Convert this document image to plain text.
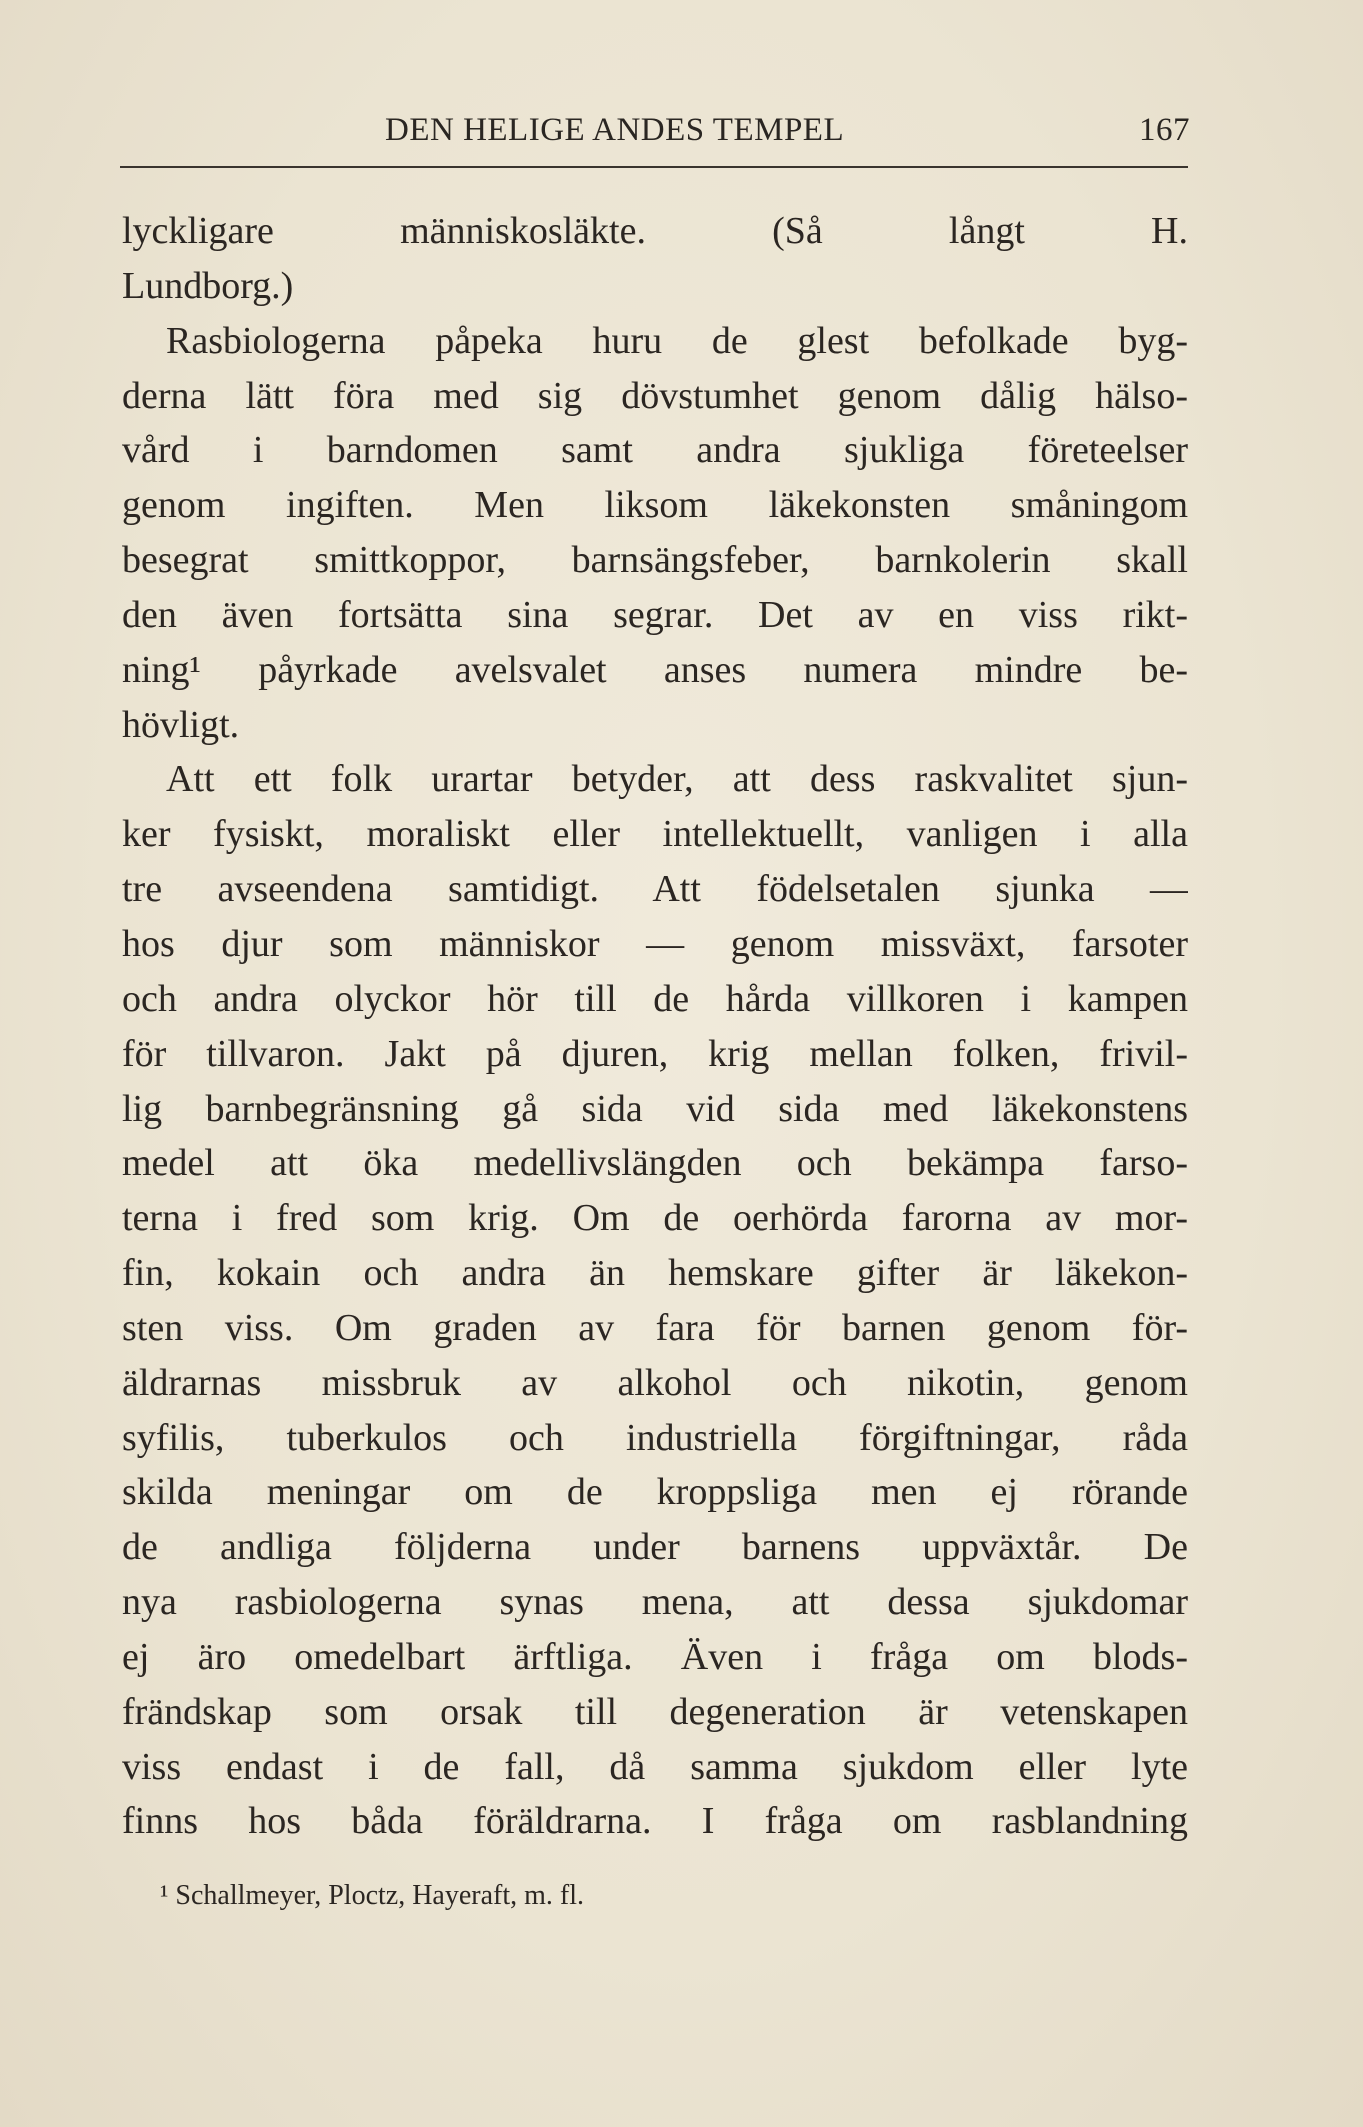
DEN HELIGE ANDES TEMPEL	167
lyckligare människosläkte. (Så långt H.
Lundborg.)
Rasbiologerna påpeka huru de glest befolkade byg-
derna lätt föra med sig dövstumhet genom dålig hälso-
vård i barndomen samt andra sjukliga företeelser
genom ingiften. Men liksom läkekonsten småningom
besegrat smittkoppor, barnsängsfeber, barnkolerin skall
den även fortsätta sina segrar. Det av en viss rikt-
ning¹ påyrkade avelsvalet anses numera mindre be-
hövligt.
Att ett folk urartar betyder, att dess raskvalitet sjun-
ker fysiskt, moraliskt eller intellektuellt, vanligen i alla
tre avseendena samtidigt. Att födelsetalen sjunka —
hos djur som människor — genom missväxt, farsoter
och andra olyckor hör till de hårda villkoren i kampen
för tillvaron. Jakt på djuren, krig mellan folken, frivil-
lig barnbegränsning gå sida vid sida med läkekonstens
medel att öka medellivslängden och bekämpa farso-
terna i fred som krig. Om de oerhörda farorna av mor-
fin, kokain och andra än hemskare gifter är läkekon-
sten viss. Om graden av fara för barnen genom för-
äldrarnas missbruk av alkohol och nikotin, genom
syfilis, tuberkulos och industriella förgiftningar, råda
skilda meningar om de kroppsliga men ej rörande
de andliga följderna under barnens uppväxtår. De
nya rasbiologerna synas mena, att dessa sjukdomar
ej äro omedelbart ärftliga. Även i fråga om blods-
frändskap som orsak till degeneration är vetenskapen
viss endast i de fall, då samma sjukdom eller lyte
finns hos båda föräldrarna. I fråga om rasblandning
¹ Schallmeyer, Ploctz, Hayeraft, m. fl.
